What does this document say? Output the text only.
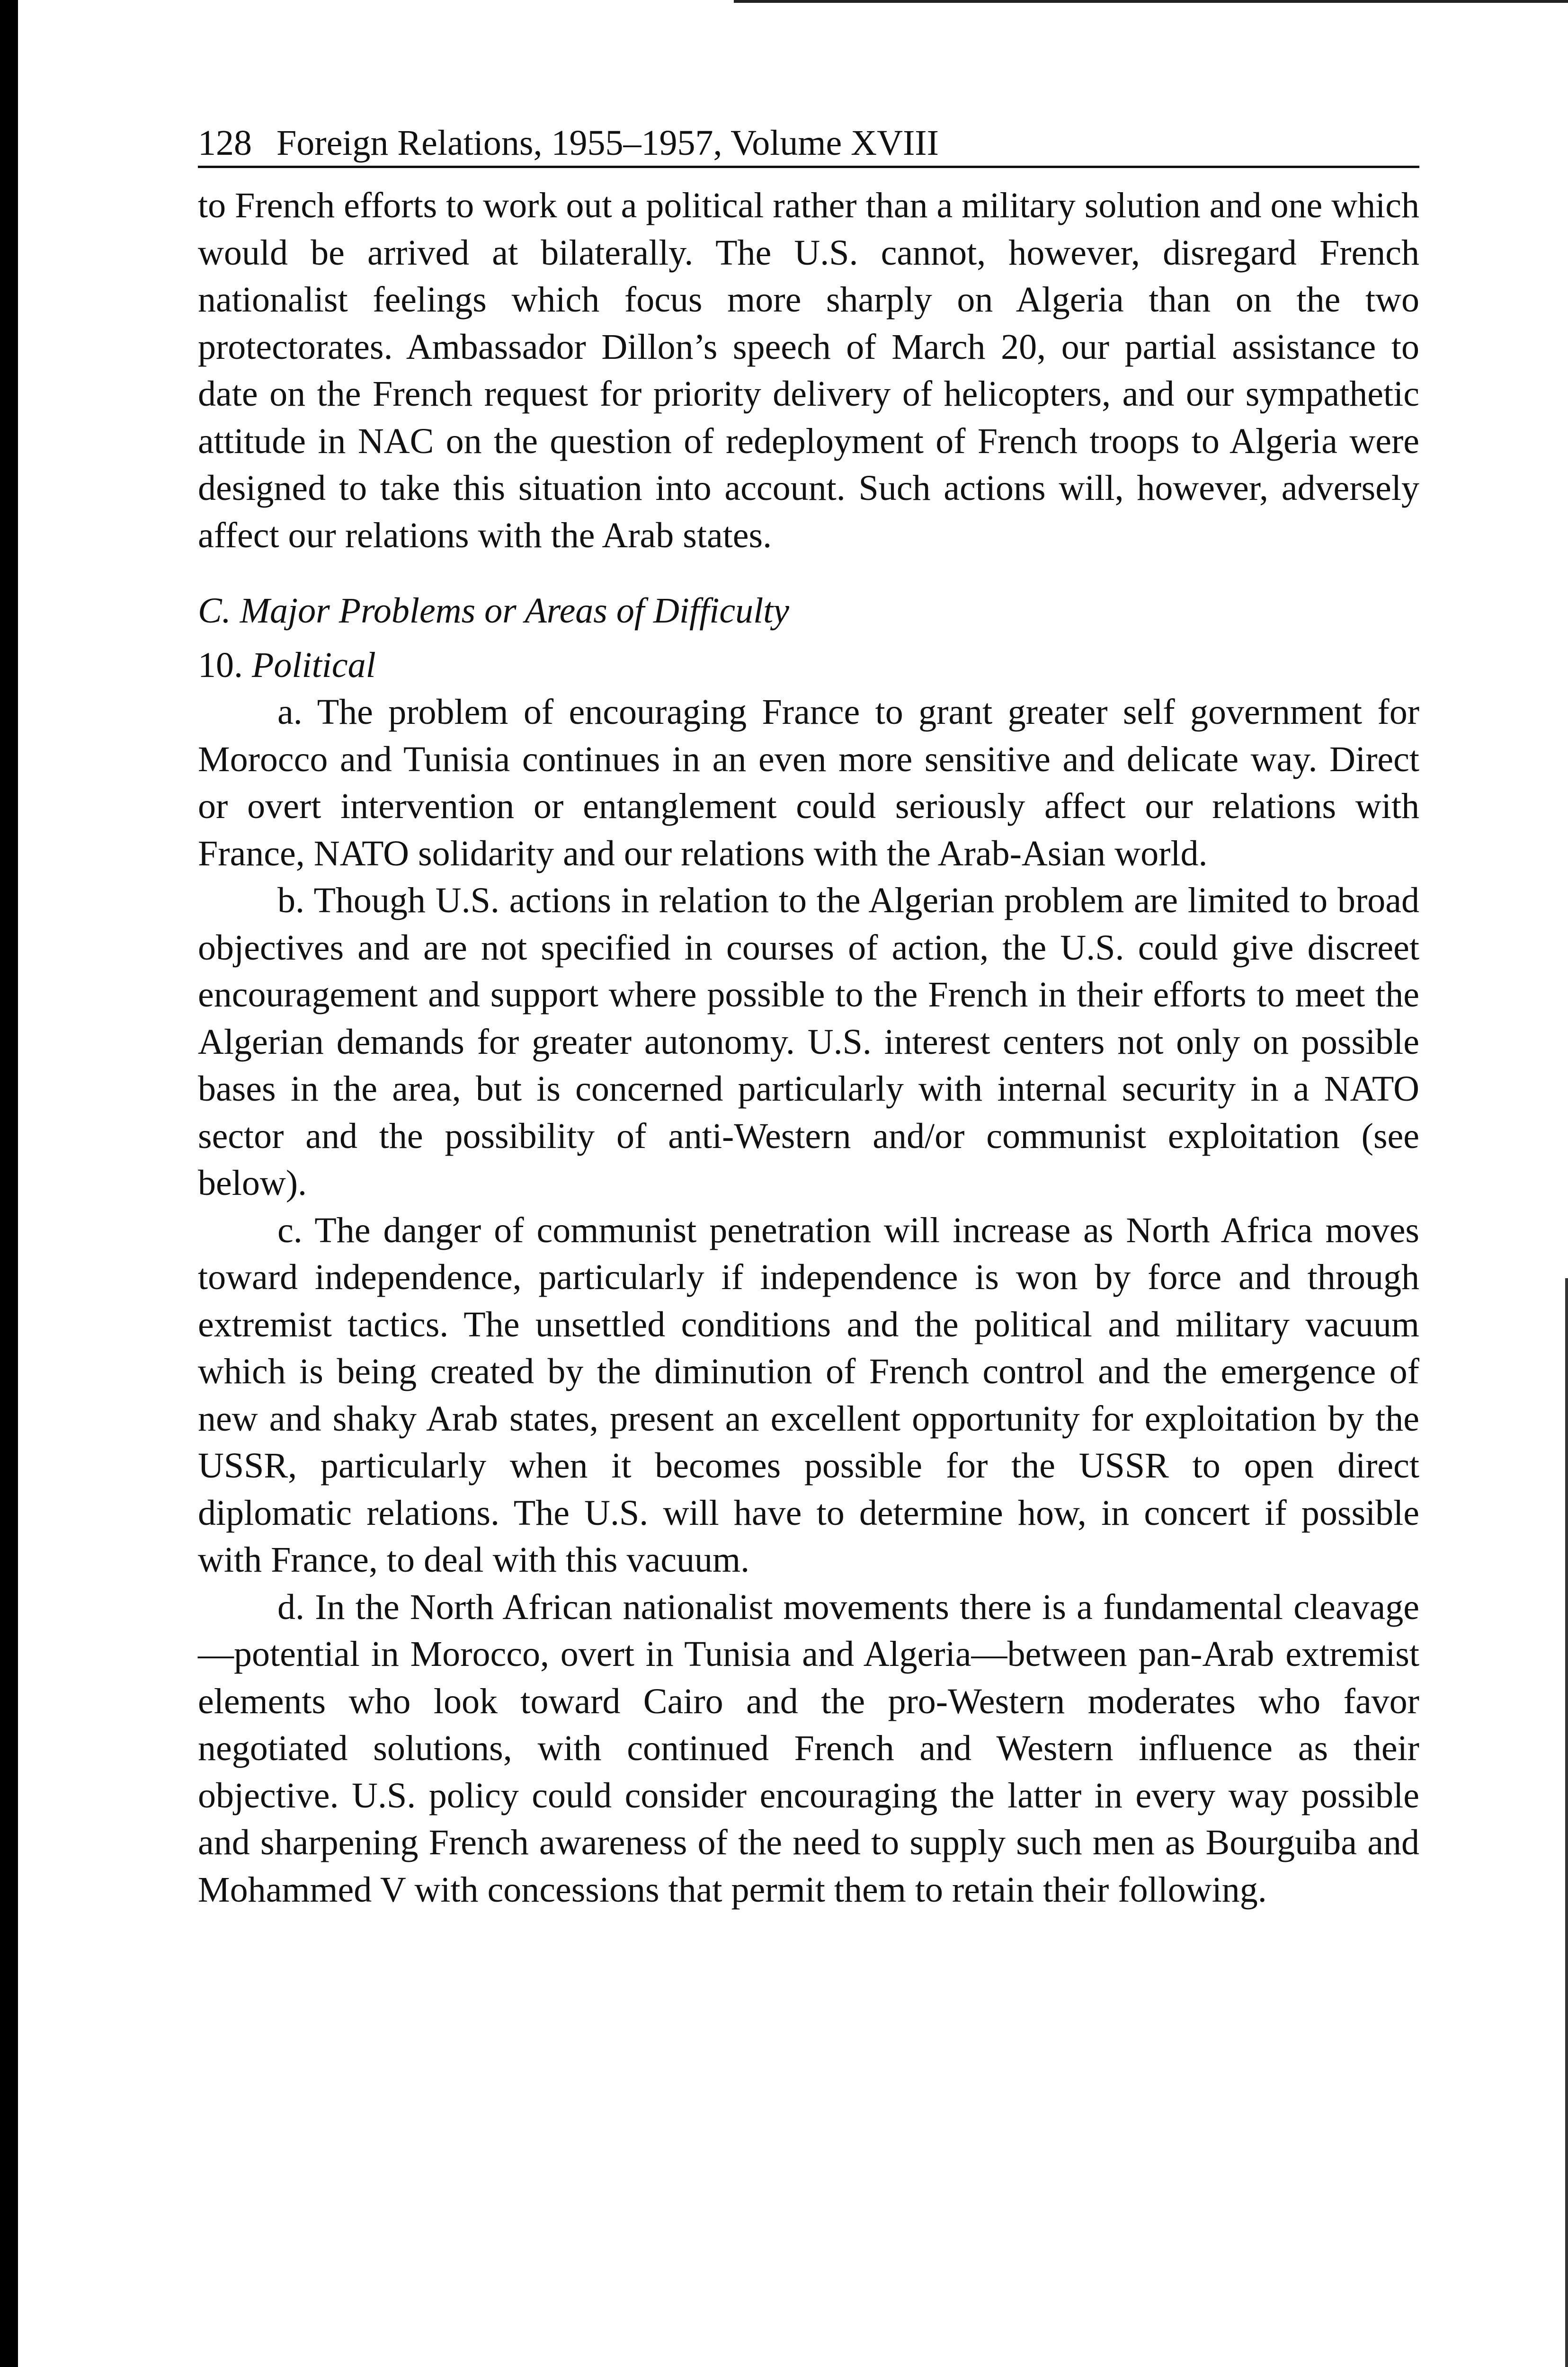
128 Foreign Relations, 1955–1957, Volume XVIII

to French efforts to work out a political rather than a military solution and one which would be arrived at bilaterally. The U.S. cannot, however, disregard French nationalist feelings which focus more sharply on Algeria than on the two protectorates. Ambassador Dillon’s speech of March 20, our partial assistance to date on the French request for priority delivery of helicopters, and our sympathetic attitude in NAC on the question of redeployment of French troops to Algeria were designed to take this situation into account. Such actions will, however, adversely affect our relations with the Arab states.

C. Major Problems or Areas of Difficulty

10. Political

a. The problem of encouraging France to grant greater self government for Morocco and Tunisia continues in an even more sensitive and delicate way. Direct or overt intervention or entanglement could seriously affect our relations with France, NATO solidarity and our relations with the Arab-Asian world.

b. Though U.S. actions in relation to the Algerian problem are limited to broad objectives and are not specified in courses of action, the U.S. could give discreet encouragement and support where possible to the French in their efforts to meet the Algerian demands for greater autonomy. U.S. interest centers not only on possible bases in the area, but is concerned particularly with internal security in a NATO sector and the possibility of anti-Western and/or communist exploitation (see below).

c. The danger of communist penetration will increase as North Africa moves toward independence, particularly if independence is won by force and through extremist tactics. The unsettled conditions and the political and military vacuum which is being created by the diminution of French control and the emergence of new and shaky Arab states, present an excellent opportunity for exploitation by the USSR, particularly when it becomes possible for the USSR to open direct diplomatic relations. The U.S. will have to determine how, in concert if possible with France, to deal with this vacuum.

d. In the North African nationalist movements there is a fundamental cleavage—potential in Morocco, overt in Tunisia and Algeria—between pan-Arab extremist elements who look toward Cairo and the pro-Western moderates who favor negotiated solutions, with continued French and Western influence as their objective. U.S. policy could consider encouraging the latter in every way possible and sharpening French awareness of the need to supply such men as Bourguiba and Mohammed V with concessions that permit them to retain their following.
